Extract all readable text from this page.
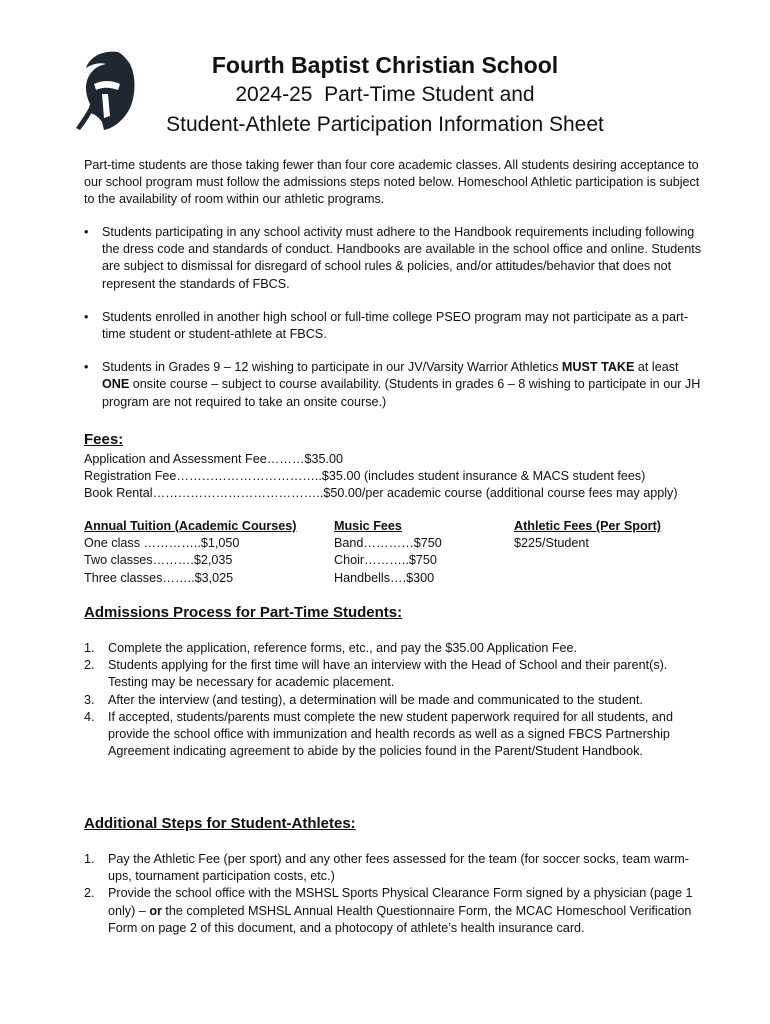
Fourth Baptist Christian School
2024-25  Part-Time Student and
Student-Athlete Participation Information Sheet
Part-time students are those taking fewer than four core academic classes. All students desiring acceptance to our school program must follow the admissions steps noted below. Homeschool Athletic participation is subject to the availability of room within our athletic programs.
• Students participating in any school activity must adhere to the Handbook requirements including following the dress code and standards of conduct. Handbooks are available in the school office and online. Students are subject to dismissal for disregard of school rules & policies, and/or attitudes/behavior that does not represent the standards of FBCS.
• Students enrolled in another high school or full-time college PSEO program may not participate as a part-time student or student-athlete at FBCS.
• Students in Grades 9 – 12 wishing to participate in our JV/Varsity Warrior Athletics MUST TAKE at least ONE onsite course – subject to course availability. (Students in grades 6 – 8 wishing to participate in our JH program are not required to take an onsite course.)
Fees:
Application and Assessment Fee………$35.00
Registration Fee……………………………..$35.00 (includes student insurance & MACS student fees)
Book Rental…………………………………..$50.00/per academic course (additional course fees may apply)
Annual Tuition (Academic Courses)
One class …………..$1,050
Two classes……….$2,035
Three classes……..$3,025
Music Fees
Band…………$750
Choir………..$750
Handbells….$300
Athletic Fees (Per Sport)
$225/Student
Admissions Process for Part-Time Students:
1. Complete the application, reference forms, etc., and pay the $35.00 Application Fee.
2. Students applying for the first time will have an interview with the Head of School and their parent(s). Testing may be necessary for academic placement.
3. After the interview (and testing), a determination will be made and communicated to the student.
4. If accepted, students/parents must complete the new student paperwork required for all students, and provide the school office with immunization and health records as well as a signed FBCS Partnership Agreement indicating agreement to abide by the policies found in the Parent/Student Handbook.
Additional Steps for Student-Athletes:
1. Pay the Athletic Fee (per sport) and any other fees assessed for the team (for soccer socks, team warm-ups, tournament participation costs, etc.)
2. Provide the school office with the MSHSL Sports Physical Clearance Form signed by a physician (page 1 only) – or the completed MSHSL Annual Health Questionnaire Form, the MCAC Homeschool Verification Form on page 2 of this document, and a photocopy of athlete’s health insurance card.
